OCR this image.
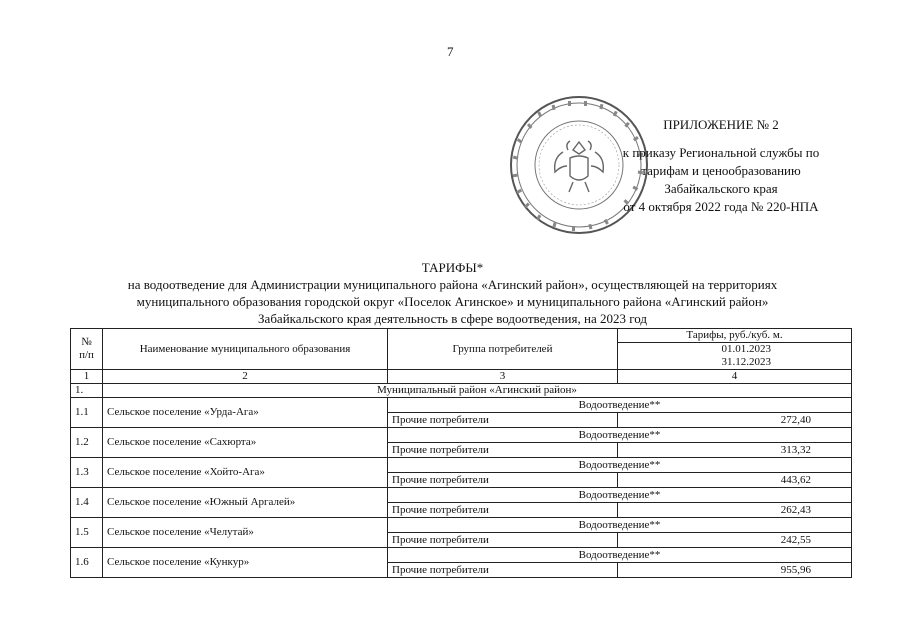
7
ПРИЛОЖЕНИЕ № 2
к приказу Региональной службы по
тарифам и ценообразованию
Забайкальского края
от 4 октября 2022 года № 220-НПА
ТАРИФЫ*
на водоотведение для Администрации муниципального района «Агинский район», осуществляющей на территориях
муниципального образования городской округ «Поселок Агинское» и муниципального района «Агинский район»
Забайкальского края деятельность в сфере водоотведения, на 2023 год
№
п/п	Наименование муниципального образования	Группа потребителей	Тарифы, руб./куб. м.
			01.01.2023
			31.12.2023
1	2	3	4
1.	Муниципальный район «Агинский район»		
1.1	Сельское поселение «Урда-Ага»	Водоотведение**	
		Прочие потребители	272,40
1.2	Сельское поселение «Сахюрта»	Водоотведение**	
		Прочие потребители	313,32
1.3	Сельское поселение «Хойто-Ага»	Водоотведение**	
		Прочие потребители	443,62
1.4	Сельское поселение «Южный Аргалей»	Водоотведение**	
		Прочие потребители	262,43
1.5	Сельское поселение «Челутай»	Водоотведение**	
		Прочие потребители	242,55
1.6	Сельское поселение «Кункур»	Водоотведение**	
		Прочие потребители	955,96
